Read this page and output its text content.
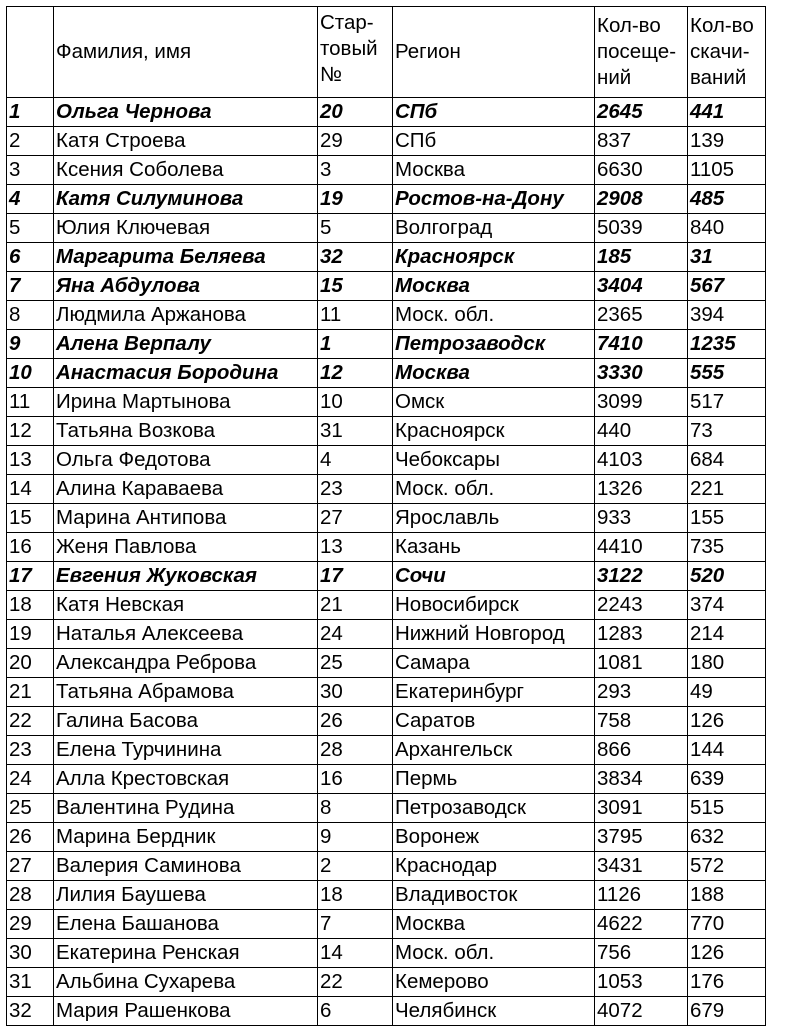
	Фамилия, имя	Стар-товый №	Регион	Кол-во посеще-ний	Кол-во скачи-ваний
1	Ольга Чернова	20	СПб	2645	441
2	Катя Строева	29	СПб	837	139
3	Ксения Соболева	3	Москва	6630	1105
4	Катя Силуминова	19	Ростов-на-Дону	2908	485
5	Юлия Ключевая	5	Волгоград	5039	840
6	Маргарита Беляева	32	Красноярск	185	31
7	Яна Абдулова	15	Москва	3404	567
8	Людмила Аржанова	11	Моск. обл.	2365	394
9	Алена Верпалу	1	Петрозаводск	7410	1235
10	Анастасия Бородина	12	Москва	3330	555
11	Ирина Мартынова	10	Омск	3099	517
12	Татьяна Возкова	31	Красноярск	440	73
13	Ольга Федотова	4	Чебоксары	4103	684
14	Алина Караваева	23	Моск. обл.	1326	221
15	Марина Антипова	27	Ярославль	933	155
16	Женя Павлова	13	Казань	4410	735
17	Евгения Жуковская	17	Сочи	3122	520
18	Катя Невская	21	Новосибирск	2243	374
19	Наталья Алексеева	24	Нижний Новгород	1283	214
20	Александра Реброва	25	Самара	1081	180
21	Татьяна Абрамова	30	Екатеринбург	293	49
22	Галина Басова	26	Саратов	758	126
23	Елена Турчинина	28	Архангельск	866	144
24	Алла Крестовская	16	Пермь	3834	639
25	Валентина Рудина	8	Петрозаводск	3091	515
26	Марина Бердник	9	Воронеж	3795	632
27	Валерия Саминова	2	Краснодар	3431	572
28	Лилия Баушева	18	Владивосток	1126	188
29	Елена Башанова	7	Москва	4622	770
30	Екатерина Ренская	14	Моск. обл.	756	126
31	Альбина Сухарева	22	Кемерово	1053	176
32	Мария Рашенкова	6	Челябинск	4072	679
